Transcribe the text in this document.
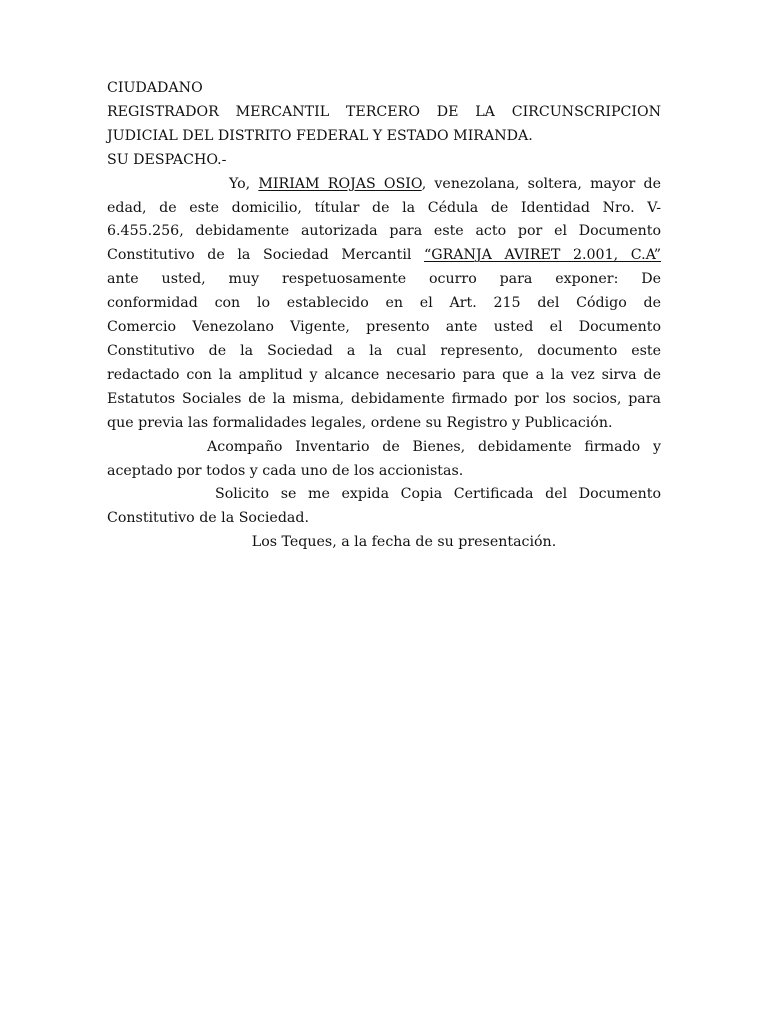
CIUDADANO
REGISTRADOR MERCANTIL TERCERO DE LA CIRCUNSCRIPCION
JUDICIAL DEL DISTRITO FEDERAL Y ESTADO MIRANDA.
SU DESPACHO.-
Yo, MIRIAM ROJAS OSIO, venezolana, soltera, mayor de
edad, de este domicilio, títular de la Cédula de Identidad Nro. V-
6.455.256, debidamente autorizada para este acto por el Documento
Constitutivo de la Sociedad Mercantil “GRANJA AVIRET 2.001, C.A”
ante usted, muy respetuosamente ocurro para exponer: De
conformidad con lo establecido en el Art. 215 del Código de
Comercio Venezolano Vigente, presento ante usted el Documento
Constitutivo de la Sociedad a la cual represento, documento este
redactado con la amplitud y alcance necesario para que a la vez sirva de
Estatutos Sociales de la misma, debidamente firmado por los socios, para
que previa las formalidades legales, ordene su Registro y Publicación.
Acompaño Inventario de Bienes, debidamente firmado y
aceptado por todos y cada uno de los accionistas.
Solicito se me expida Copia Certificada del Documento
Constitutivo de la Sociedad.
Los Teques, a la fecha de su presentación.
